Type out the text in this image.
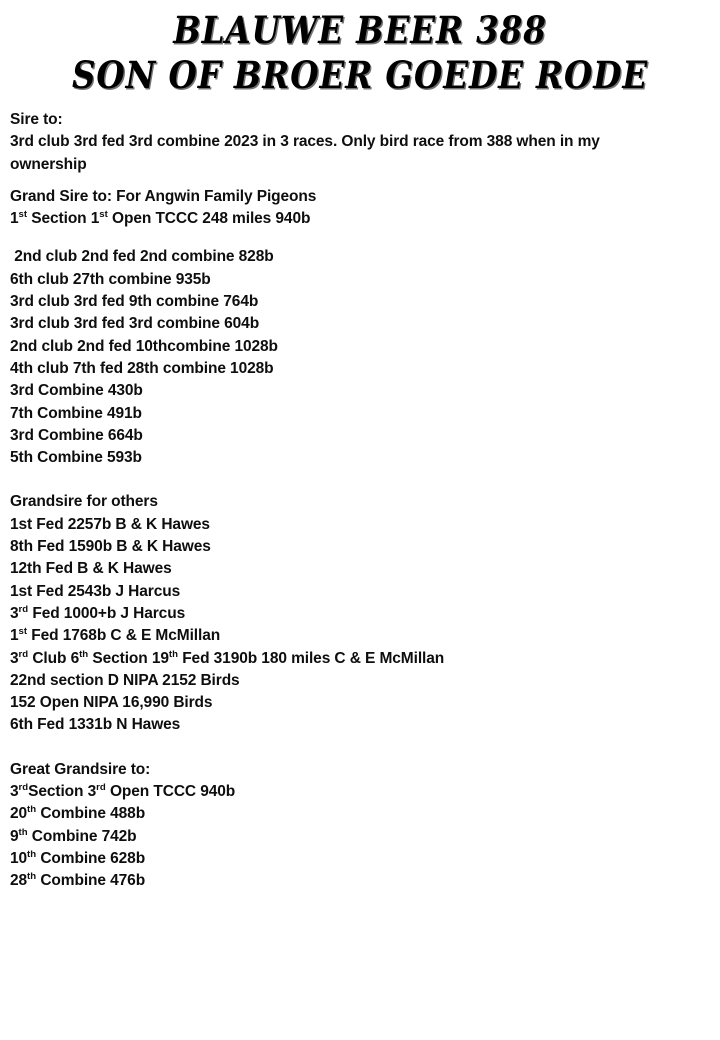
BLAUWE BEER 388
SON OF BROER GOEDE RODE
Sire to:
3rd club 3rd fed 3rd combine 2023 in 3 races. Only bird race from 388 when in my
ownership
Grand Sire to: For Angwin Family Pigeons
1st Section 1st Open TCCC 248 miles 940b
2nd club 2nd fed 2nd combine 828b
6th club 27th combine 935b
3rd club 3rd fed 9th combine 764b
3rd club 3rd fed 3rd combine 604b
2nd club 2nd fed 10thcombine 1028b
4th club 7th fed 28th combine 1028b
3rd Combine 430b
7th Combine 491b
3rd Combine 664b
5th Combine 593b
Grandsire for others
1st Fed 2257b B & K Hawes
8th Fed 1590b B & K Hawes
12th Fed B & K Hawes
1st Fed 2543b J Harcus
3rd Fed 1000+b J Harcus
1st Fed 1768b C & E McMillan
3rd Club 6th Section 19th Fed 3190b 180 miles C & E McMillan
22nd section D NIPA 2152 Birds
152 Open NIPA 16,990 Birds
6th Fed 1331b N Hawes
Great Grandsire to:
3rdSection 3rd Open TCCC 940b
20th Combine 488b
9th Combine 742b
10th Combine 628b
28th Combine 476b
